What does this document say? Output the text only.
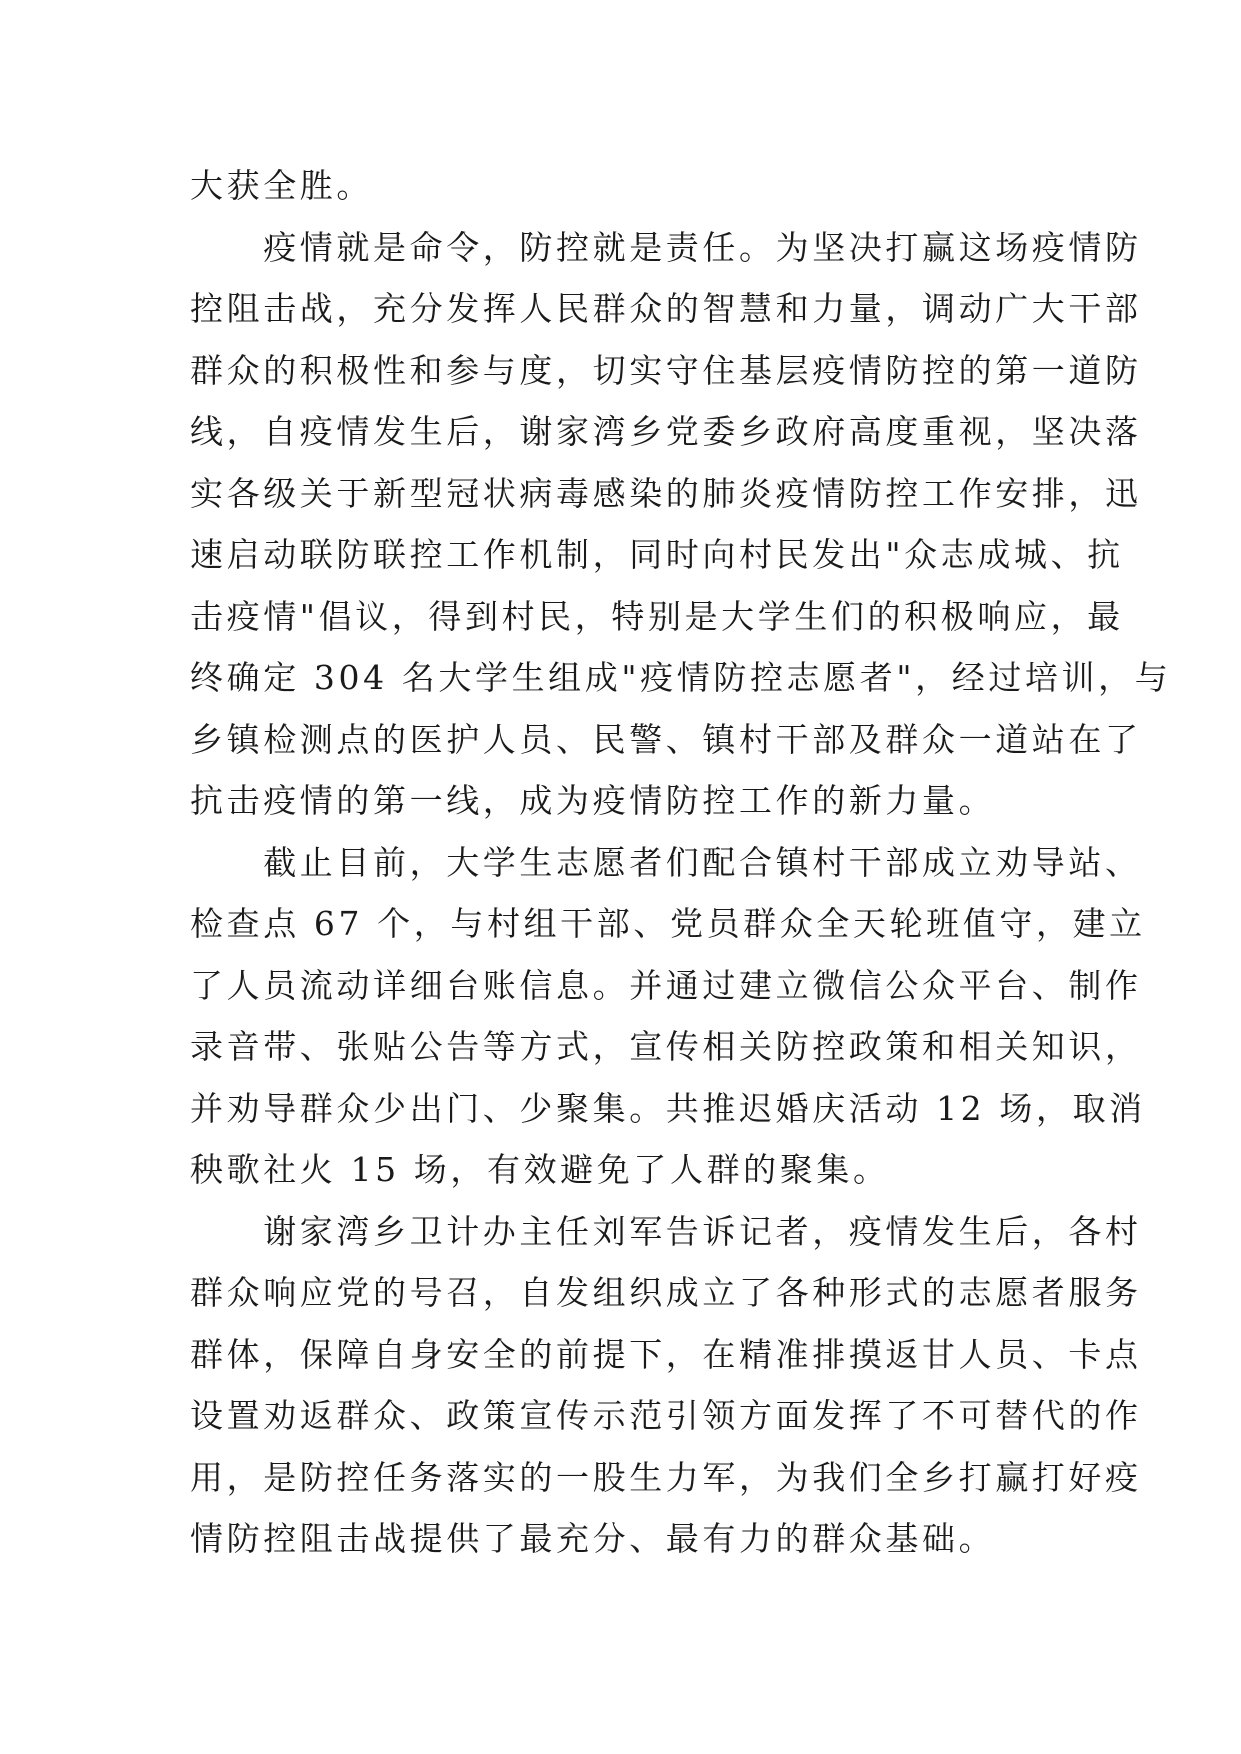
大获全胜。
　　疫情就是命令，防控就是责任。为坚决打赢这场疫情防
控阻击战，充分发挥人民群众的智慧和力量，调动广大干部
群众的积极性和参与度，切实守住基层疫情防控的第一道防
线，自疫情发生后，谢家湾乡党委乡政府高度重视，坚决落
实各级关于新型冠状病毒感染的肺炎疫情防控工作安排，迅
速启动联防联控工作机制，同时向村民发出"众志成城、抗
击疫情"倡议，得到村民，特别是大学生们的积极响应，最
终确定 304 名大学生组成"疫情防控志愿者"，经过培训，与
乡镇检测点的医护人员、民警、镇村干部及群众一道站在了
抗击疫情的第一线，成为疫情防控工作的新力量。
　　截止目前，大学生志愿者们配合镇村干部成立劝导站、
检查点 67 个，与村组干部、党员群众全天轮班值守，建立
了人员流动详细台账信息。并通过建立微信公众平台、制作
录音带、张贴公告等方式，宣传相关防控政策和相关知识，
并劝导群众少出门、少聚集。共推迟婚庆活动 12 场，取消
秧歌社火 15 场，有效避免了人群的聚集。
　　谢家湾乡卫计办主任刘军告诉记者，疫情发生后，各村
群众响应党的号召，自发组织成立了各种形式的志愿者服务
群体，保障自身安全的前提下，在精准排摸返甘人员、卡点
设置劝返群众、政策宣传示范引领方面发挥了不可替代的作
用，是防控任务落实的一股生力军，为我们全乡打赢打好疫
情防控阻击战提供了最充分、最有力的群众基础。
